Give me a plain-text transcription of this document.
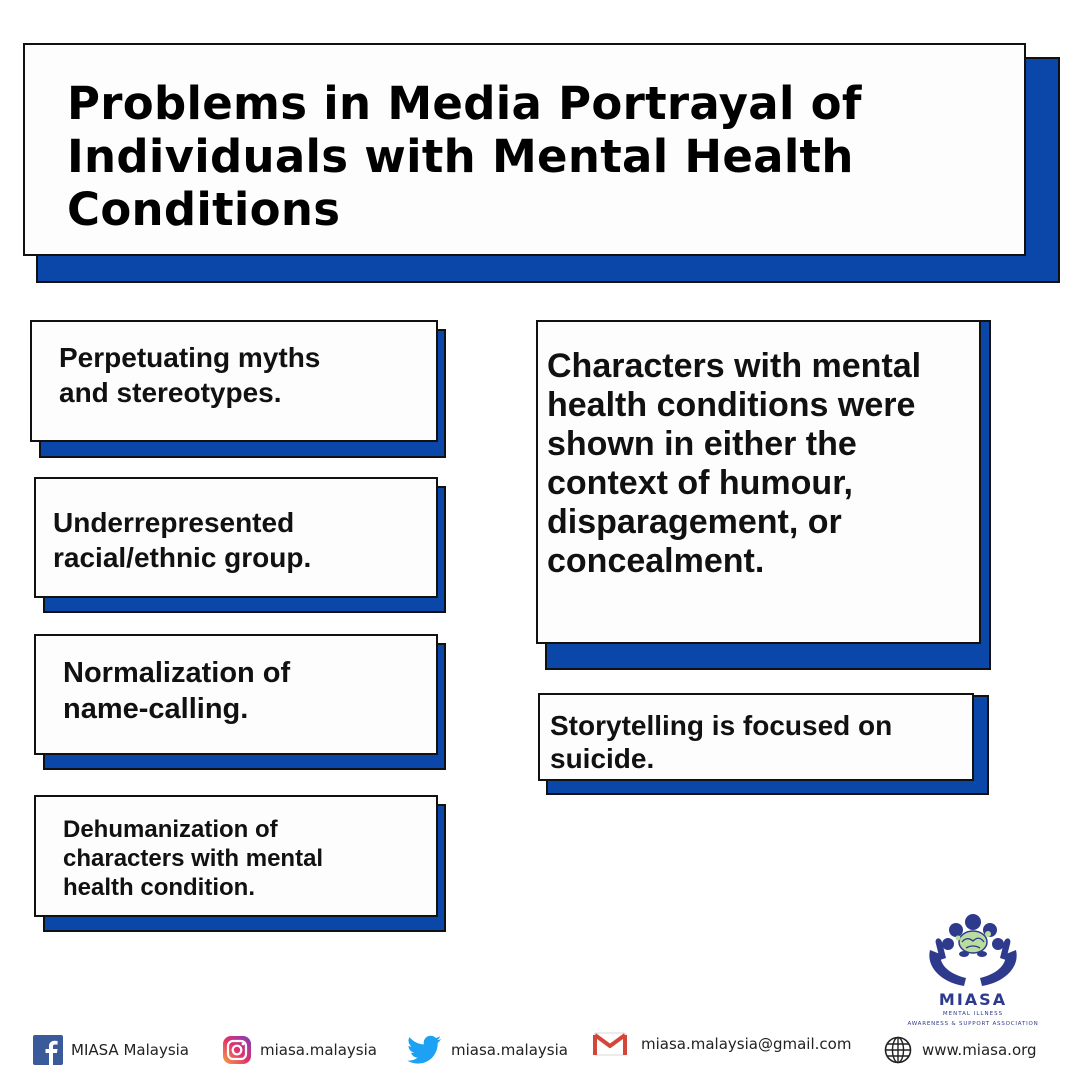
Problems in Media Portrayal of
Individuals with Mental Health
Conditions

Perpetuating myths
and stereotypes.

Underrepresented
racial/ethnic group.

Normalization of
name-calling.

Dehumanization of
characters with mental
health condition.

Characters with mental
health conditions were
shown in either the
context of humour,
disparagement, or
concealment.

Storytelling is focused on
suicide.

MIASA
MENTAL ILLNESS
AWARENESS & SUPPORT ASSOCIATION
MIASA Malaysia	miasa.malaysia	miasa.malaysia	miasa.malaysia@gmail.com	www.miasa.org
